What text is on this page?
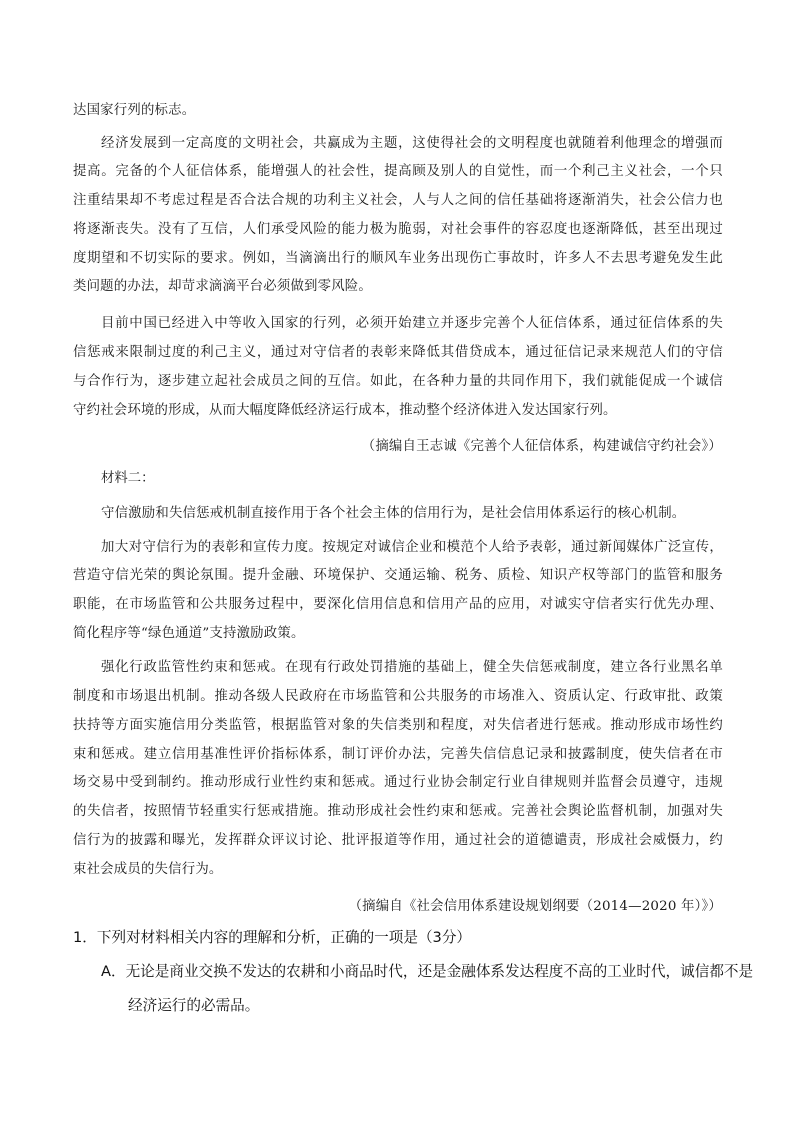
达国家行列的标志。
经济发展到一定高度的文明社会，共赢成为主题，这使得社会的文明程度也就随着利他理念的增强而
提高。完备的个人征信体系，能增强人的社会性，提高顾及别人的自觉性，而一个利己主义社会，一个只
注重结果却不考虑过程是否合法合规的功利主义社会，人与人之间的信任基础将逐渐消失，社会公信力也
将逐渐丧失。没有了互信，人们承受风险的能力极为脆弱，对社会事件的容忍度也逐渐降低，甚至出现过
度期望和不切实际的要求。例如，当滴滴出行的顺风车业务出现伤亡事故时，许多人不去思考避免发生此
类问题的办法，却苛求滴滴平台必须做到零风险。
目前中国已经进入中等收入国家的行列，必须开始建立并逐步完善个人征信体系，通过征信体系的失
信惩戒来限制过度的利己主义，通过对守信者的表彰来降低其借贷成本，通过征信记录来规范人们的守信
与合作行为，逐步建立起社会成员之间的互信。如此，在各种力量的共同作用下，我们就能促成一个诚信
守约社会环境的形成，从而大幅度降低经济运行成本，推动整个经济体进入发达国家行列。
（摘编自王志诚《完善个人征信体系，构建诚信守约社会》）
材料二：
守信激励和失信惩戒机制直接作用于各个社会主体的信用行为，是社会信用体系运行的核心机制。
加大对守信行为的表彰和宣传力度。按规定对诚信企业和模范个人给予表彰，通过新闻媒体广泛宣传，
营造守信光荣的舆论氛围。提升金融、环境保护、交通运输、税务、质检、知识产权等部门的监管和服务
职能，在市场监管和公共服务过程中，要深化信用信息和信用产品的应用，对诚实守信者实行优先办理、
简化程序等“绿色通道”支持激励政策。
强化行政监管性约束和惩戒。在现有行政处罚措施的基础上，健全失信惩戒制度，建立各行业黑名单
制度和市场退出机制。推动各级人民政府在市场监管和公共服务的市场准入、资质认定、行政审批、政策
扶持等方面实施信用分类监管，根据监管对象的失信类别和程度，对失信者进行惩戒。推动形成市场性约
束和惩戒。建立信用基准性评价指标体系，制订评价办法，完善失信信息记录和披露制度，使失信者在市
场交易中受到制约。推动形成行业性约束和惩戒。通过行业协会制定行业自律规则并监督会员遵守，违规
的失信者，按照情节轻重实行惩戒措施。推动形成社会性约束和惩戒。完善社会舆论监督机制，加强对失
信行为的披露和曝光，发挥群众评议讨论、批评报道等作用，通过社会的道德谴责，形成社会威慑力，约
束社会成员的失信行为。
（摘编自《社会信用体系建设规划纲要（2014—2020 年）》）
1．下列对材料相关内容的理解和分析，正确的一项是（3分）
A．无论是商业交换不发达的农耕和小商品时代，还是金融体系发达程度不高的工业时代，诚信都不是
经济运行的必需品。
